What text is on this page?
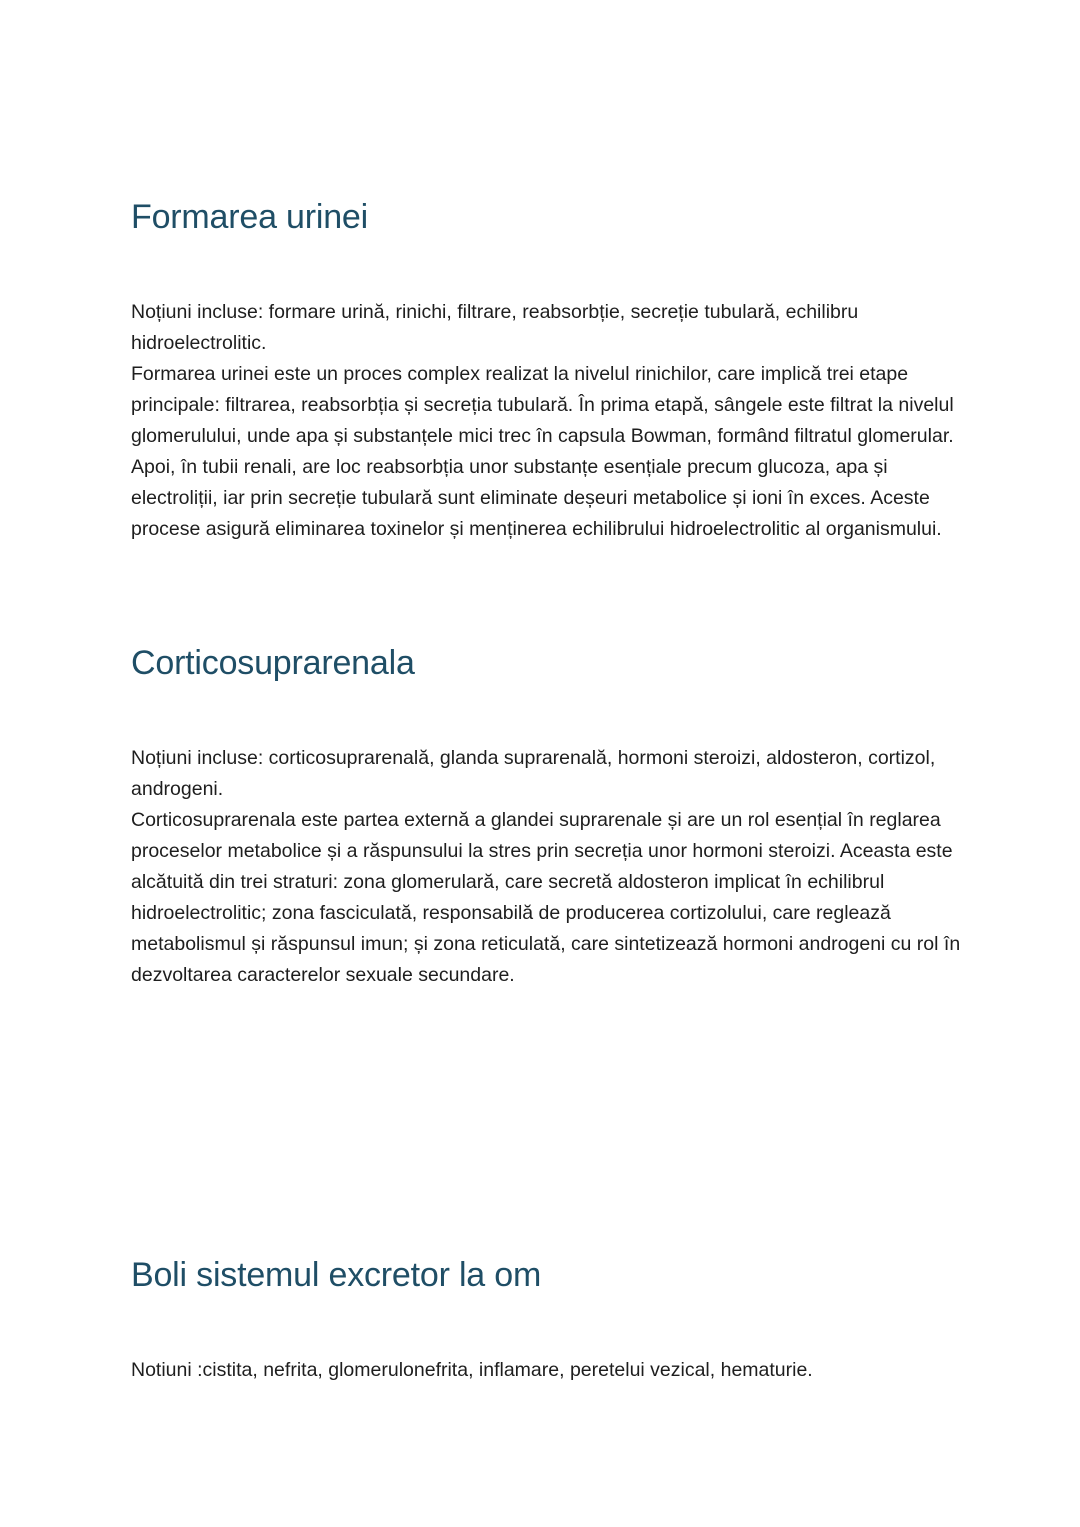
Formarea urinei

Noțiuni incluse: formare urină, rinichi, filtrare, reabsorbție, secreție tubulară, echilibru hidroelectrolitic.

Formarea urinei este un proces complex realizat la nivelul rinichilor, care implică trei etape principale: filtrarea, reabsorbția și secreția tubulară. În prima etapă, sângele este filtrat la nivelul glomerulului, unde apa și substanțele mici trec în capsula Bowman, formând filtratul glomerular. Apoi, în tubii renali, are loc reabsorbția unor substanțe esențiale precum glucoza, apa și electroliții, iar prin secreție tubulară sunt eliminate deșeuri metabolice și ioni în exces. Aceste procese asigură eliminarea toxinelor și menținerea echilibrului hidroelectrolitic al organismului.

Corticosuprarenala

Noțiuni incluse: corticosuprarenală, glanda suprarenală, hormoni steroizi, aldosteron, cortizol, androgeni.

Corticosuprarenala este partea externă a glandei suprarenale și are un rol esențial în reglarea proceselor metabolice și a răspunsului la stres prin secreția unor hormoni steroizi. Aceasta este alcătuită din trei straturi: zona glomerulară, care secretă aldosteron implicat în echilibrul hidroelectrolitic; zona fasciculată, responsabilă de producerea cortizolului, care reglează metabolismul și răspunsul imun; și zona reticulată, care sintetizează hormoni androgeni cu rol în dezvoltarea caracterelor sexuale secundare.

Boli sistemul excretor la om

Notiuni :cistita, nefrita, glomerulonefrita, inflamare, peretelui vezical, hematurie.
